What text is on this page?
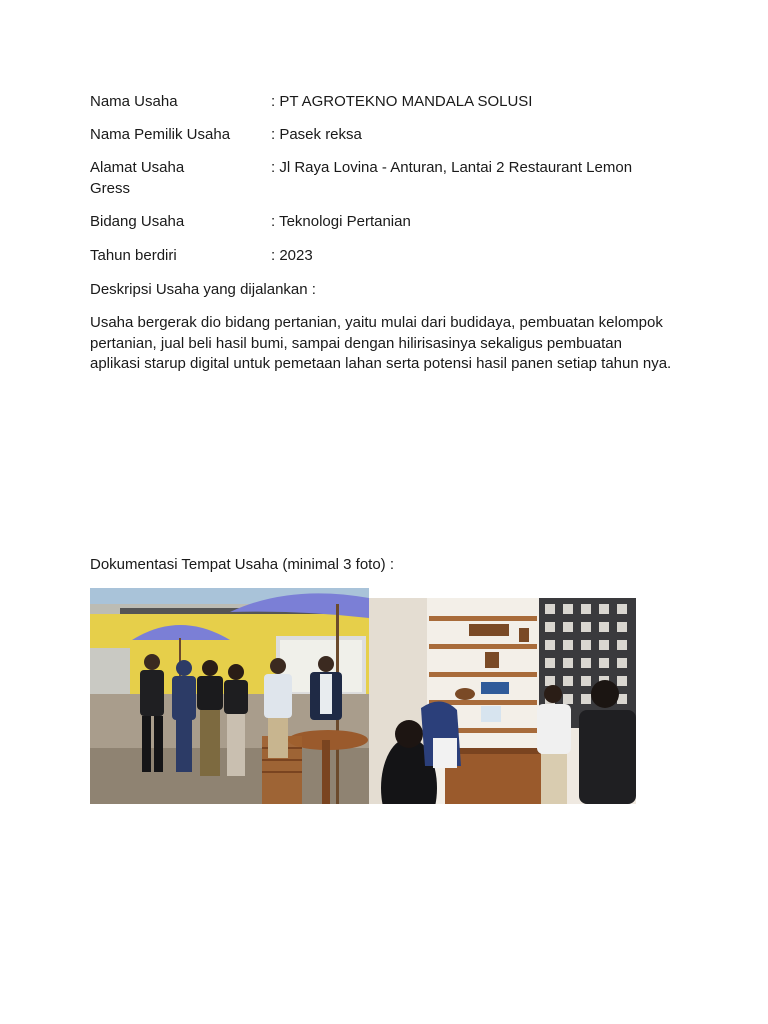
Nama Usaha	: PT AGROTEKNO MANDALA SOLUSI
Nama Pemilik Usaha	: Pasek reksa
Alamat Usaha	: Jl Raya Lovina - Anturan, Lantai 2 Restaurant Lemon
Gress
Bidang Usaha	: Teknologi Pertanian
Tahun berdiri	: 2023
Deskripsi Usaha yang dijalankan :
Usaha bergerak dio bidang pertanian, yaitu mulai dari budidaya, pembuatan kelompok
pertanian, jual beli hasil bumi, sampai dengan hilirisasinya sekaligus pembuatan
aplikasi starup digital untuk pemetaan lahan serta potensi hasil panen setiap tahun nya.
Dokumentasi Tempat Usaha (minimal 3 foto) :
